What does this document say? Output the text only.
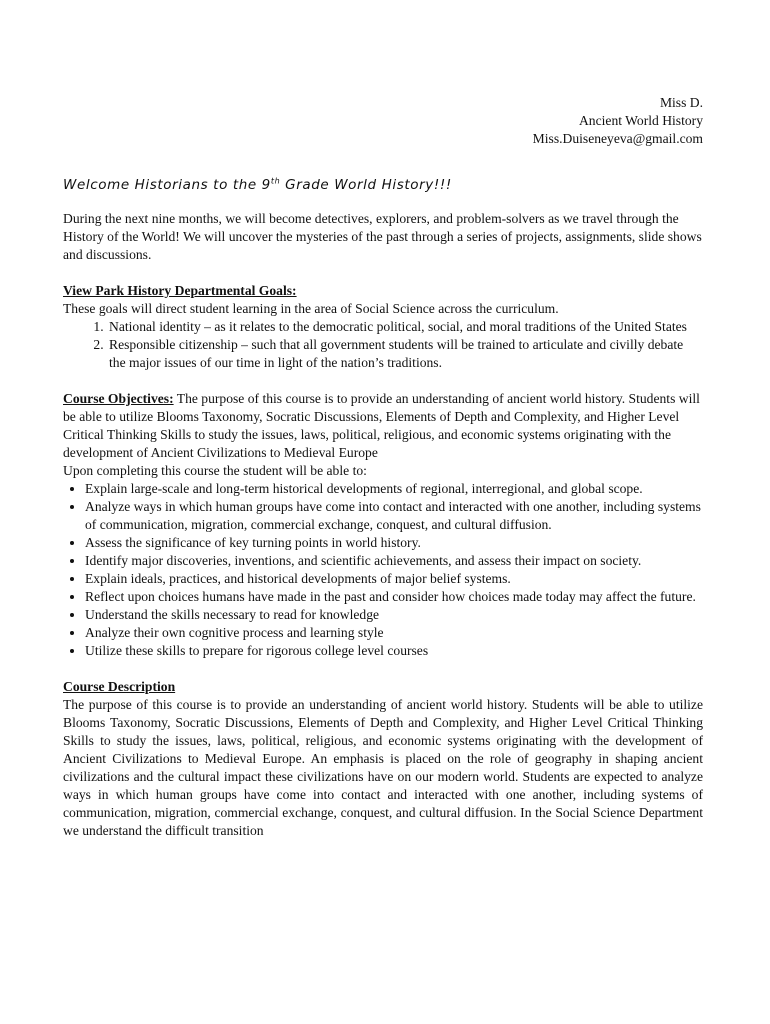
Miss D.
Ancient World History
Miss.Duiseneyeva@gmail.com
Welcome Historians to the 9th Grade World History!!!

During the next nine months, we will become detectives, explorers, and problem-solvers as we travel through the History of the World! We will uncover the mysteries of the past through a series of projects, assignments, slide shows and discussions.

View Park History Departmental Goals:

These goals will direct student learning in the area of Social Science across the curriculum.

1. National identity – as it relates to the democratic political, social, and moral traditions of the United States
2. Responsible citizenship – such that all government students will be trained to articulate and civilly debate the major issues of our time in light of the nation’s traditions.

Course Objectives: The purpose of this course is to provide an understanding of ancient world history. Students will be able to utilize Blooms Taxonomy, Socratic Discussions, Elements of Depth and Complexity, and Higher Level Critical Thinking Skills to study the issues, laws, political, religious, and economic systems originating with the development of Ancient Civilizations to Medieval Europe

Upon completing this course the student will be able to:

• Explain large-scale and long-term historical developments of regional, interregional, and global scope.
• Analyze ways in which human groups have come into contact and interacted with one another, including systems of communication, migration, commercial exchange, conquest, and cultural diffusion.
• Assess the significance of key turning points in world history.
• Identify major discoveries, inventions, and scientific achievements, and assess their impact on society.
• Explain ideals, practices, and historical developments of major belief systems.
• Reflect upon choices humans have made in the past and consider how choices made today may affect the future.
• Understand the skills necessary to read for knowledge
• Analyze their own cognitive process and learning style
• Utilize these skills to prepare for rigorous college level courses
Course Description

The purpose of this course is to provide an understanding of ancient world history. Students will be able to utilize Blooms Taxonomy, Socratic Discussions, Elements of Depth and Complexity, and Higher Level Critical Thinking Skills to study the issues, laws, political, religious, and economic systems originating with the development of Ancient Civilizations to Medieval Europe. An emphasis is placed on the role of geography in shaping ancient civilizations and the cultural impact these civilizations have on our modern world. Students are expected to analyze ways in which human groups have come into contact and interacted with one another, including systems of communication, migration, commercial exchange, conquest, and cultural diffusion. In the Social Science Department we understand the difficult transition
